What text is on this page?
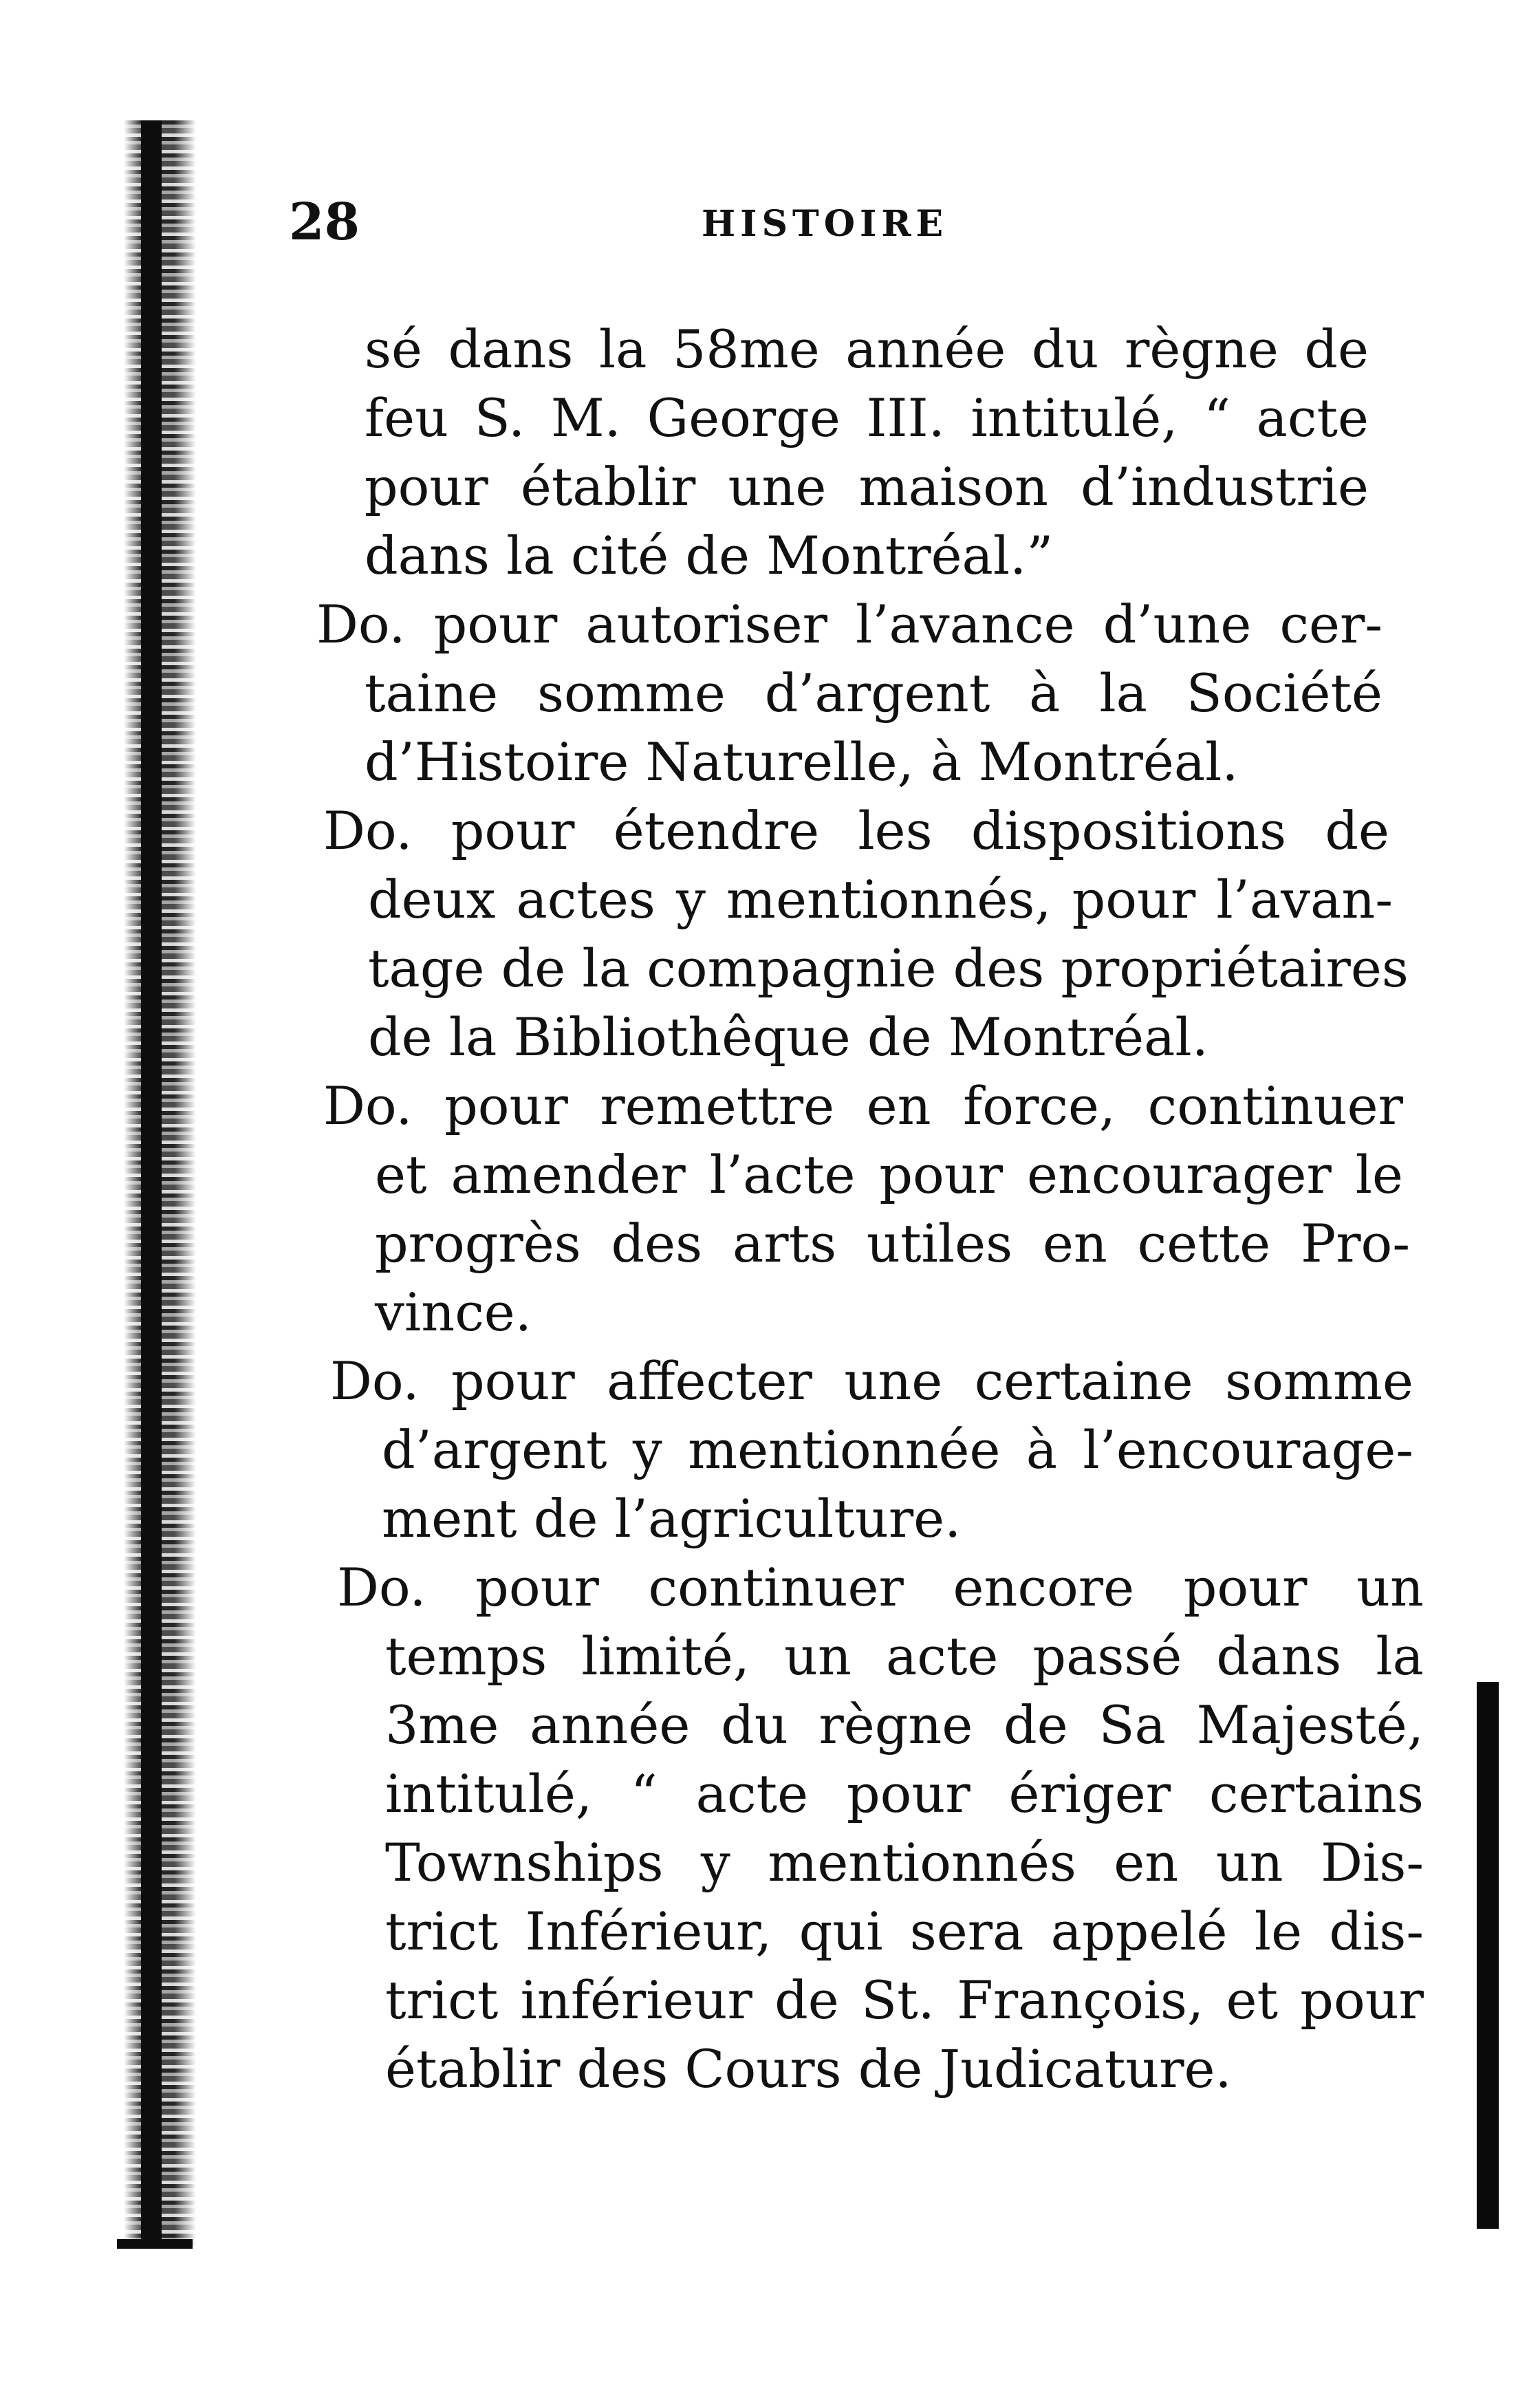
28	HISTOIRE
sé dans la 58me année du règne de
feu S. M. George III. intitulé, “ acte
pour établir une maison d’industrie
dans la cité de Montréal.”
Do. pour autoriser l’avance d’une cer-
taine somme d’argent à la Société
d’Histoire Naturelle, à Montréal.
Do. pour étendre les dispositions de
deux actes y mentionnés, pour l’avan-
tage de la compagnie des propriétaires
de la Bibliothêque de Montréal.
Do. pour remettre en force, continuer
et amender l’acte pour encourager le
progrès des arts utiles en cette Pro-
vince.
Do. pour affecter une certaine somme
d’argent y mentionnée à l’encourage-
ment de l’agriculture.
Do. pour continuer encore pour un
temps limité, un acte passé dans la
3me année du règne de Sa Majesté,
intitulé, “ acte pour ériger certains
Townships y mentionnés en un Dis-
trict Inférieur, qui sera appelé le dis-
trict inférieur de St. François, et pour
établir des Cours de Judicature.
